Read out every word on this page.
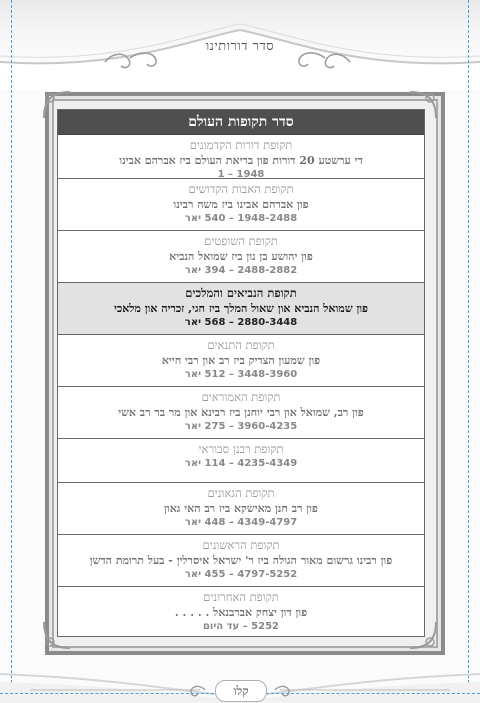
סדר דורותינו
סדר תקופות העולם
תקופת דורות הקדמונים
די ערשטע 20 דורות פון בריאת העולם ביז אברהם אבינו
1948 – 1
תקופת האבות הקדושים
פון אברהם אבינו ביז משה רבינו
1948-2488 – 540 יאר
תקופת השופטים
פון יהושע בן נון ביז שמואל הנביא
2488-2882 – 394 יאר
תקופת הנביאים והמלכים
פון שמואל הנביא און שאול המלך ביז חגי, זכריה און מלאכי
2880-3448 – 568 יאר
תקופת התנאים
פון שמעון הצדיק ביז רב און רבי חייא
3448-3960 – 512 יאר
תקופת האמוראים
פון רב, שמואל און רבי יוחנן ביז רבינא און מר בר רב אשי
3960-4235 – 275 יאר
תקופת רבנן סבוראי
4235-4349 – 114 יאר
תקופת הגאונים
פון רב חנן מאישקא ביז רב האי גאון
4349-4797 – 448 יאר
תקופת הראשונים
פון רבינו גרשום מאור הגולה ביז ר' ישראל איסרלין - בעל תרומת הדשן
4797-5252 – 455 יאר
תקופת האחרונים
פון דון יצחק אברבנאל . . . . .
5252 – עד היום
קלו
